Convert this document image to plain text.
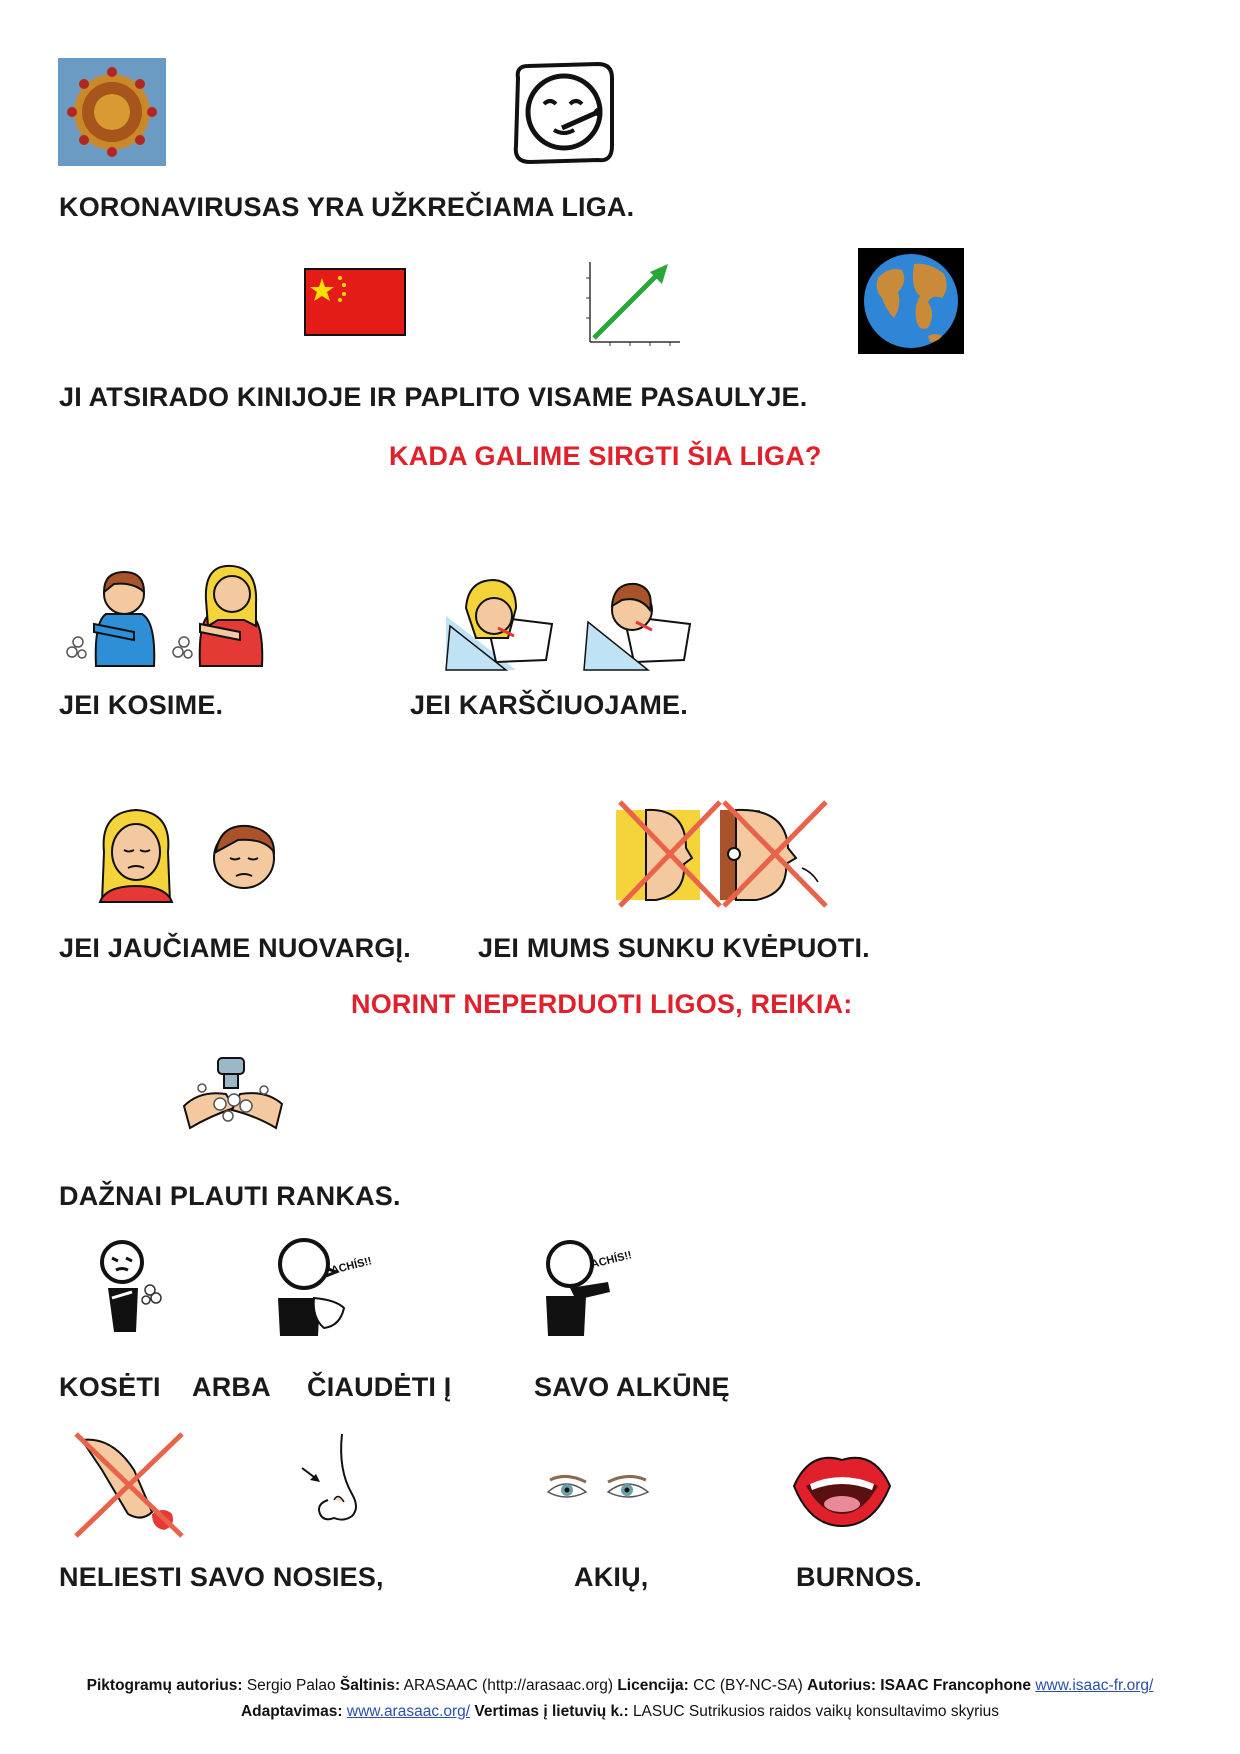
KORONAVIRUSAS YRA UŽKREČIAMA LIGA.
JI ATSIRADO KINIJOJE IR PAPLITO VISAME PASAULYJE.
KADA GALIME SIRGTI ŠIA LIGA?
JEI KOSIME.	JEI KARŠČIUOJAME.
JEI JAUČIAME NUOVARGĮ. JEI MUMS SUNKU KVĖPUOTI.
NORINT NEPERDUOTI LIGOS, REIKIA:
DAŽNAI PLAUTI RANKAS.
ACHÍS!!	ACHÍS!!
KOSĖTI ARBA ČIAUDĖTI Į	SAVO ALKŪNĘ
NELIESTI SAVO NOSIES,	AKIŲ,	BURNOS.
Piktogramų autorius: Sergio Palao Šaltinis: ARASAAC (http://arasaac.org) Licencija: CC (BY-NC-SA) Autorius: ISAAC Francophone www.isaac-fr.org/
Adaptavimas: www.arasaac.org/ Vertimas į lietuvių k.: LASUC Sutrikusios raidos vaikų konsultavimo skyrius
